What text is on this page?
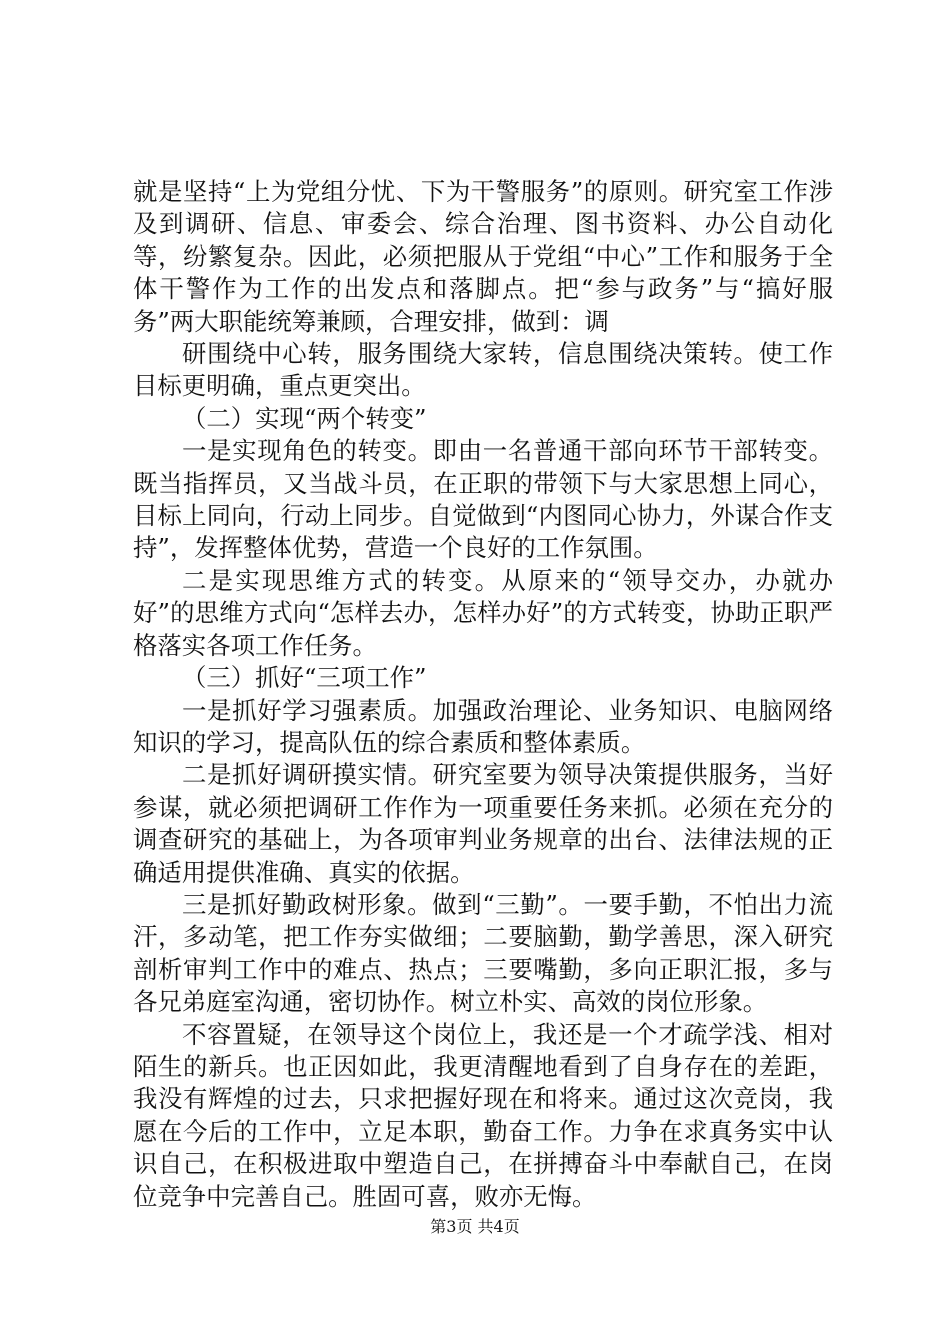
就是坚持“上为党组分忧、下为干警服务”的原则。研究室工作涉及到调研、信息、审委会、综合治理、图书资料、办公自动化等，纷繁复杂。因此，必须把服从于党组“中心”工作和服务于全体干警作为工作的出发点和落脚点。把“参与政务”与“搞好服务”两大职能统筹兼顾，合理安排，做到：调

研围绕中心转，服务围绕大家转，信息围绕决策转。使工作目标更明确，重点更突出。

（二）实现“两个转变”

一是实现角色的转变。即由一名普通干部向环节干部转变。既当指挥员，又当战斗员，在正职的带领下与大家思想上同心，目标上同向，行动上同步。自觉做到“内图同心协力，外谋合作支持”，发挥整体优势，营造一个良好的工作氛围。

二是实现思维方式的转变。从原来的“领导交办，办就办好”的思维方式向“怎样去办，怎样办好”的方式转变，协助正职严格落实各项工作任务。

（三）抓好“三项工作”

一是抓好学习强素质。加强政治理论、业务知识、电脑网络知识的学习，提高队伍的综合素质和整体素质。

二是抓好调研摸实情。研究室要为领导决策提供服务，当好参谋，就必须把调研工作作为一项重要任务来抓。必须在充分的调查研究的基础上，为各项审判业务规章的出台、法律法规的正确适用提供准确、真实的依据。

三是抓好勤政树形象。做到“三勤”。一要手勤，不怕出力流汗，多动笔，把工作夯实做细；二要脑勤，勤学善思，深入研究剖析审判工作中的难点、热点；三要嘴勤，多向正职汇报，多与各兄弟庭室沟通，密切协作。树立朴实、高效的岗位形象。

不容置疑，在领导这个岗位上，我还是一个才疏学浅、相对陌生的新兵。也正因如此，我更清醒地看到了自身存在的差距，我没有辉煌的过去，只求把握好现在和将来。通过这次竞岗，我愿在今后的工作中，立足本职，勤奋工作。力争在求真务实中认识自己，在积极进取中塑造自己，在拼搏奋斗中奉献自己，在岗位竞争中完善自己。胜固可喜，败亦无悔。

第3页 共4页
